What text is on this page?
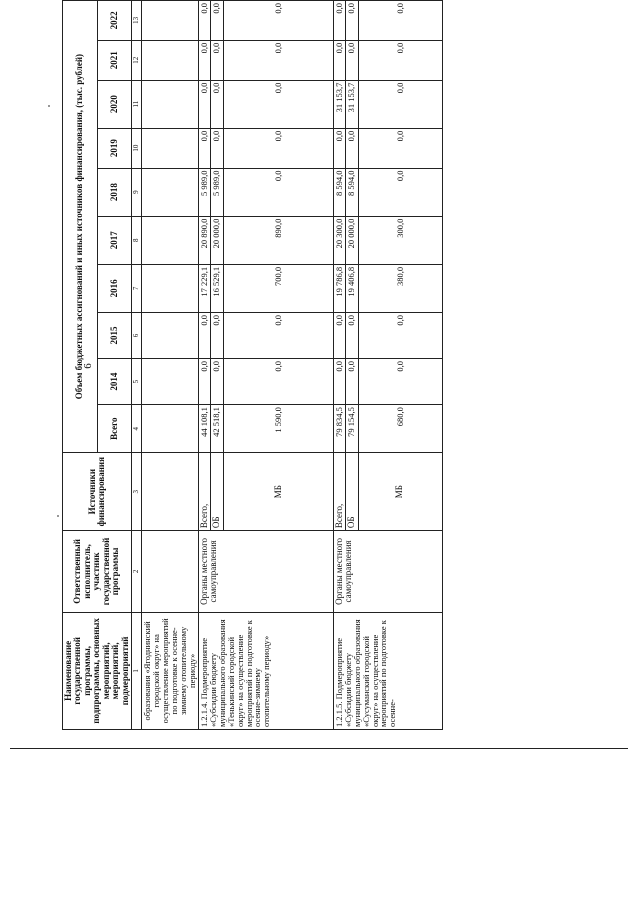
6
Наименование государственной программы, подпрограммы, основных мероприятий, мероприятий, подмероприятий	Ответственный исполнитель, участник государственной программы	Источники финансирования	Объем бюджетных ассигнований и иных источников финансирования, (тыс. рублей)									
			Всего	2014	2015	2016	2017	2018	2019	2020	2021	2022
1	2	3	4	5	6	7	8	9	10	11	12	13
образования «Ягоднинский городской округ» на осуществление мероприятий по подготовке к осенне-зимнему отопительному периоду»												
1.2.1.4. Подмероприятие «Субсидии бюджету муниципального образования «Тенькинский городской округ» на осуществление мероприятий по подготовке к осенне-зимнему отопительному периоду»	Органы местного самоуправления	Всего,	44 108,1	0,0	0,0	17 229,1	20 890,0	5 989,0	0,0	0,0	0,0	0,0
		ОБ	42 518,1	0,0	0,0	16 529,1	20 000,0	5 989,0	0,0	0,0	0,0	0,0
		МБ	1 590,0	0,0	0,0	700,0	890,0	0,0	0,0	0,0	0,0	0,0
1.2.1.5. Подмероприятие «Субсидии бюджету муниципального образования «Сусуманский городской округ» на осуществление мероприятий по подготовке к осенне-	Органы местного самоуправления	Всего,	79 834,5	0,0	0,0	19 786,8	20 300,0	8 594,0	0,0	31 153,7	0,0	0,0
		ОБ	79 154,5	0,0	0,0	19 406,8	20 000,0	8 594,0	0,0	31 153,7	0,0	0,0
		МБ	680,0	0,0	0,0	380,0	300,0	0,0	0,0	0,0	0,0	0,0
